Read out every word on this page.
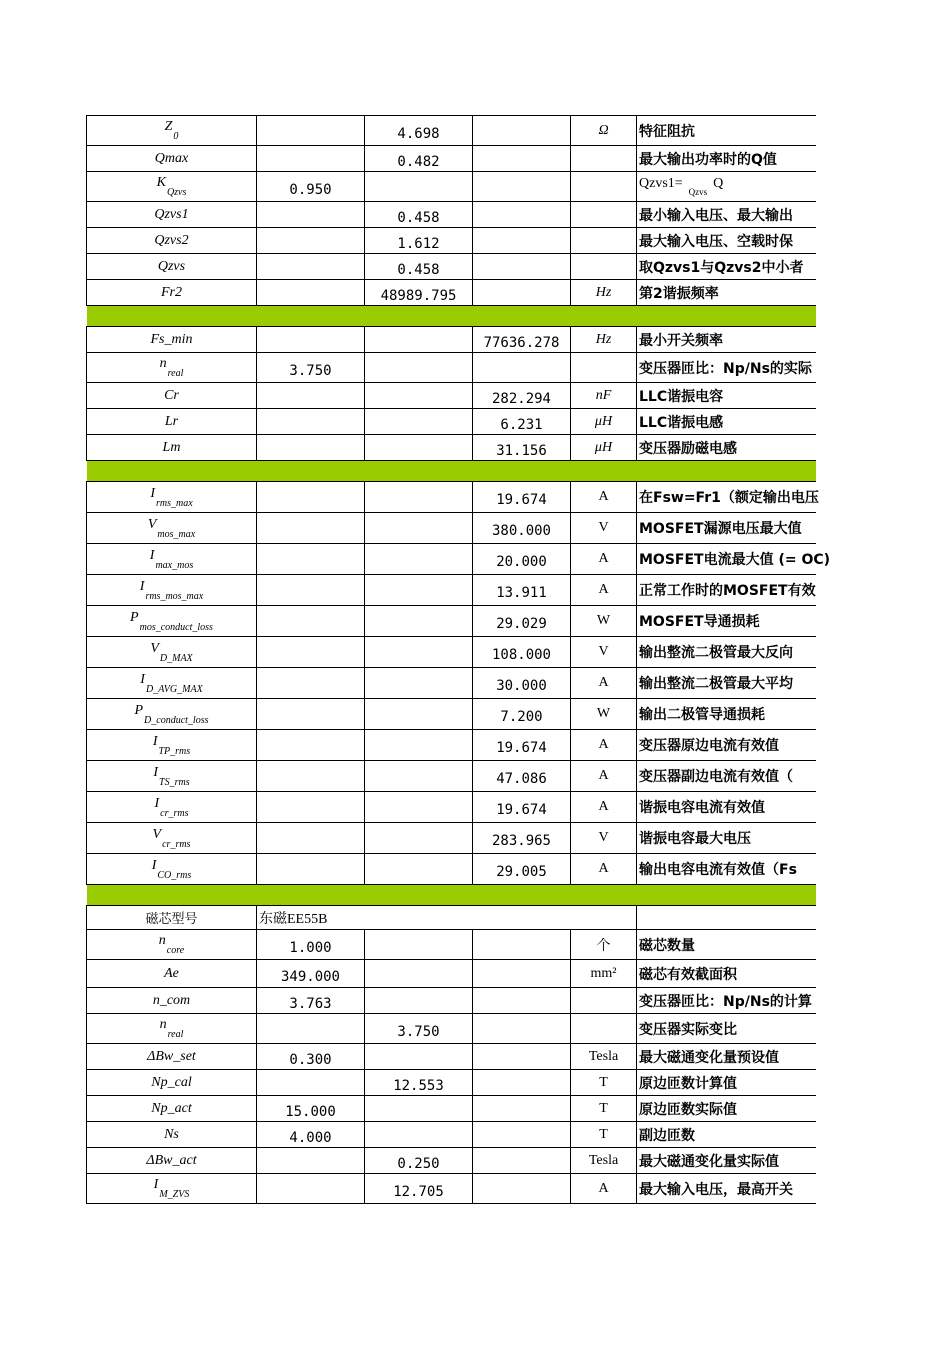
$Z_0$		4.698		Ω	特征阻抗
Qmax		0.482			最大输出功率时的Q值
$K_{Qzvs}$	0.950				$Qzvs1=_{Qzvs}Q$
Qzvs1		0.458			最小输入电压、最大输出
Qzvs2		1.612			最大输入电压、空载时保
Qzvs		0.458			取Qzvs1与Qzvs2中小者
Fr2		48989.795		Hz	第2谐振频率

Fs_min			77636.278	Hz	最小开关频率
$n_{real}$	3.750				变压器匝比：Np/Ns的实际
Cr			282.294	nF	LLC谐振电容
Lr			6.231	μH	LLC谐振电感
Lm			31.156	μH	变压器励磁电感

$I_{rms\_max}$			19.674	A	在Fsw=Fr1（额定输出电压
$V_{mos\_max}$			380.000	V	MOSFET漏源电压最大值
$I_{max\_mos}$			20.000	A	MOSFET电流最大值 (= OC)
$I_{rms\_mos\_max}$			13.911	A	正常工作时的MOSFET有效
$P_{mos\_conduct\_loss}$			29.029	W	MOSFET导通损耗
$V_{D\_MAX}$			108.000	V	输出整流二极管最大反向
$I_{D\_AVG\_MAX}$			30.000	A	输出整流二极管最大平均
$P_{D\_conduct\_loss}$			7.200	W	输出二极管导通损耗
$I_{TP\_rms}$			19.674	A	变压器原边电流有效值
$I_{TS\_rms}$			47.086	A	变压器副边电流有效值（
$I_{cr\_rms}$			19.674	A	谐振电容电流有效值
$V_{cr\_rms}$			283.965	V	谐振电容最大电压
$I_{CO\_rms}$			29.005	A	输出电容电流有效值（Fs

磁芯型号	东磁EE55B				
$n_{core}$	1.000			个	磁芯数量
Ae	349.000			mm²	磁芯有效截面积
n_com	3.763				变压器匝比：Np/Ns的计算
$n_{real}$		3.750			变压器实际变比
ΔBw_set	0.300			Tesla	最大磁通变化量预设值
Np_cal		12.553		T	原边匝数计算值
Np_act	15.000			T	原边匝数实际值
Ns	4.000			T	副边匝数
ΔBw_act		0.250		Tesla	最大磁通变化量实际值
$I_{M\_ZVS}$		12.705		A	最大输入电压，最高开关
